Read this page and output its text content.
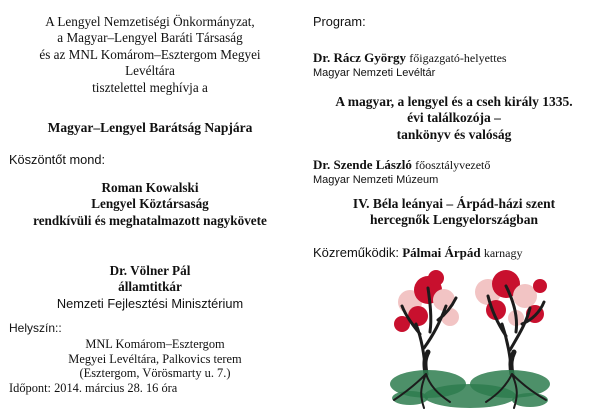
A Lengyel Nemzetiségi Önkormányzat,
a Magyar–Lengyel Baráti Társaság
és az MNL Komárom–Esztergom Megyei
Levéltára
tisztelettel meghívja a
Magyar–Lengyel Barátság Napjára
Köszöntőt mond:
Roman Kowalski
Lengyel Köztársaság
rendkívüli és meghatalmazott nagykövete
Dr. Völner Pál
államtitkár
Nemzeti Fejlesztési Minisztérium
Helyszín::
MNL Komárom–Esztergom
Megyei Levéltára, Palkovics terem
(Esztergom, Vörösmarty u. 7.)
Időpont: 2014. március 28. 16 óra
Program:
Dr. Rácz György főigazgató-helyettes
Magyar Nemzeti Levéltár
A magyar, a lengyel és a cseh király 1335.
évi találkozója –
tankönyv és valóság
Dr. Szende László főosztályvezető
Magyar Nemzeti Múzeum
IV. Béla leányai – Árpád-házi szent
hercegnők Lengyelországban
Közreműködik: Pálmai Árpád karnagy
